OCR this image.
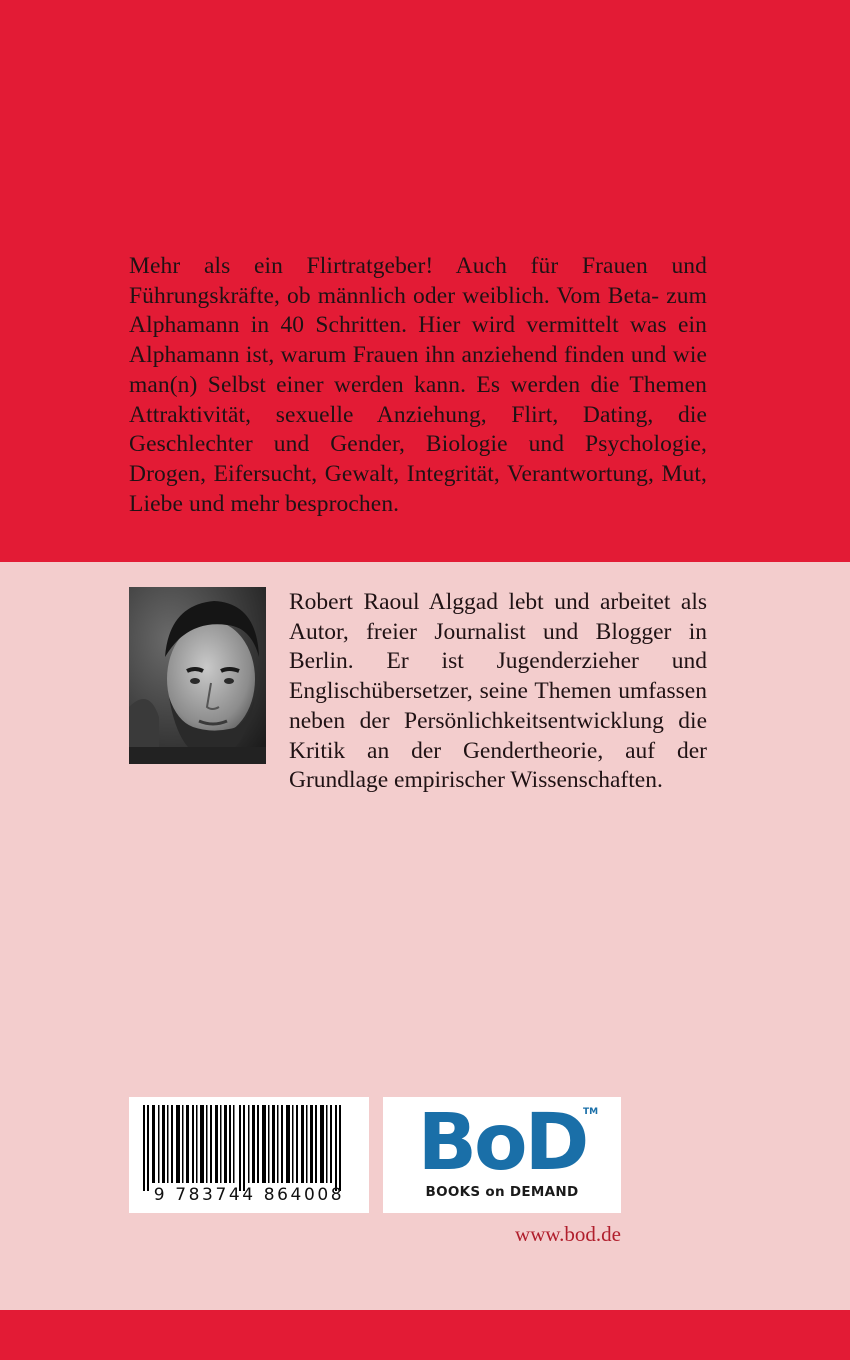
Mehr als ein Flirtratgeber! Auch für Frauen und Führungskräfte, ob männlich oder weiblich. Vom Beta- zum Alphamann in 40 Schritten. Hier wird vermittelt was ein Alphamann ist, warum Frauen ihn anziehend finden und wie man(n) Selbst einer werden kann. Es werden die Themen Attraktivität, sexuelle Anziehung, Flirt, Dating, die Geschlechter und Gender, Biologie und Psychologie, Drogen, Eifersucht, Gewalt, Integrität, Verantwortung, Mut, Liebe und mehr besprochen.

Robert Raoul Alggad lebt und arbeitet als Autor, freier Journalist und Blogger in Berlin. Er ist Jugenderzieher und Englischübersetzer, seine Themen umfassen neben der Persönlichkeitsentwicklung die Kritik an der Gendertheorie, auf der Grundlage empirischer Wissenschaften.

9 783744 864008
BoD
TM
BOOKS on DEMAND
www.bod.de
